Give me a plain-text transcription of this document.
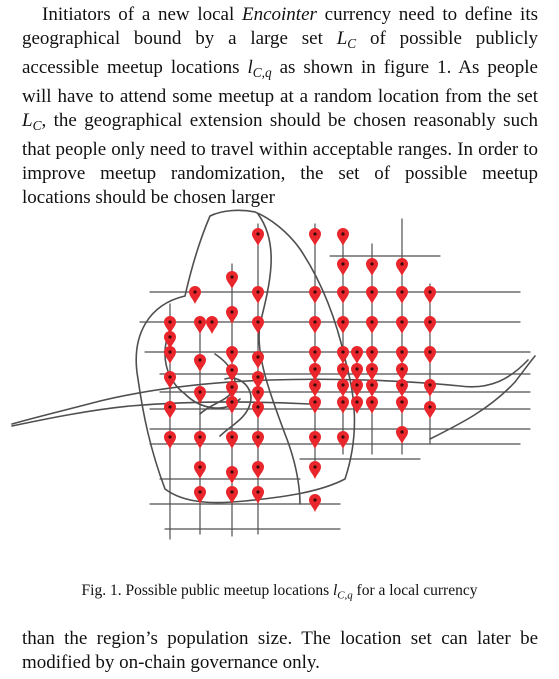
Initiators of a new local Encointer currency need to define its geographical bound by a large set $L_C$ of possible publicly accessible meetup locations $l_{C,q}$ as shown in figure 1. As people will have to attend some meetup at a random location from the set $L_C$, the geographical extension should be chosen reasonably such that people only need to travel within acceptable ranges. In order to improve meetup randomization, the set of possible meetup locations should be chosen larger

Fig. 1. Possible public meetup locations $l_{C,q}$ for a local currency

than the region’s population size. The location set can later be modified by on-chain governance only.
